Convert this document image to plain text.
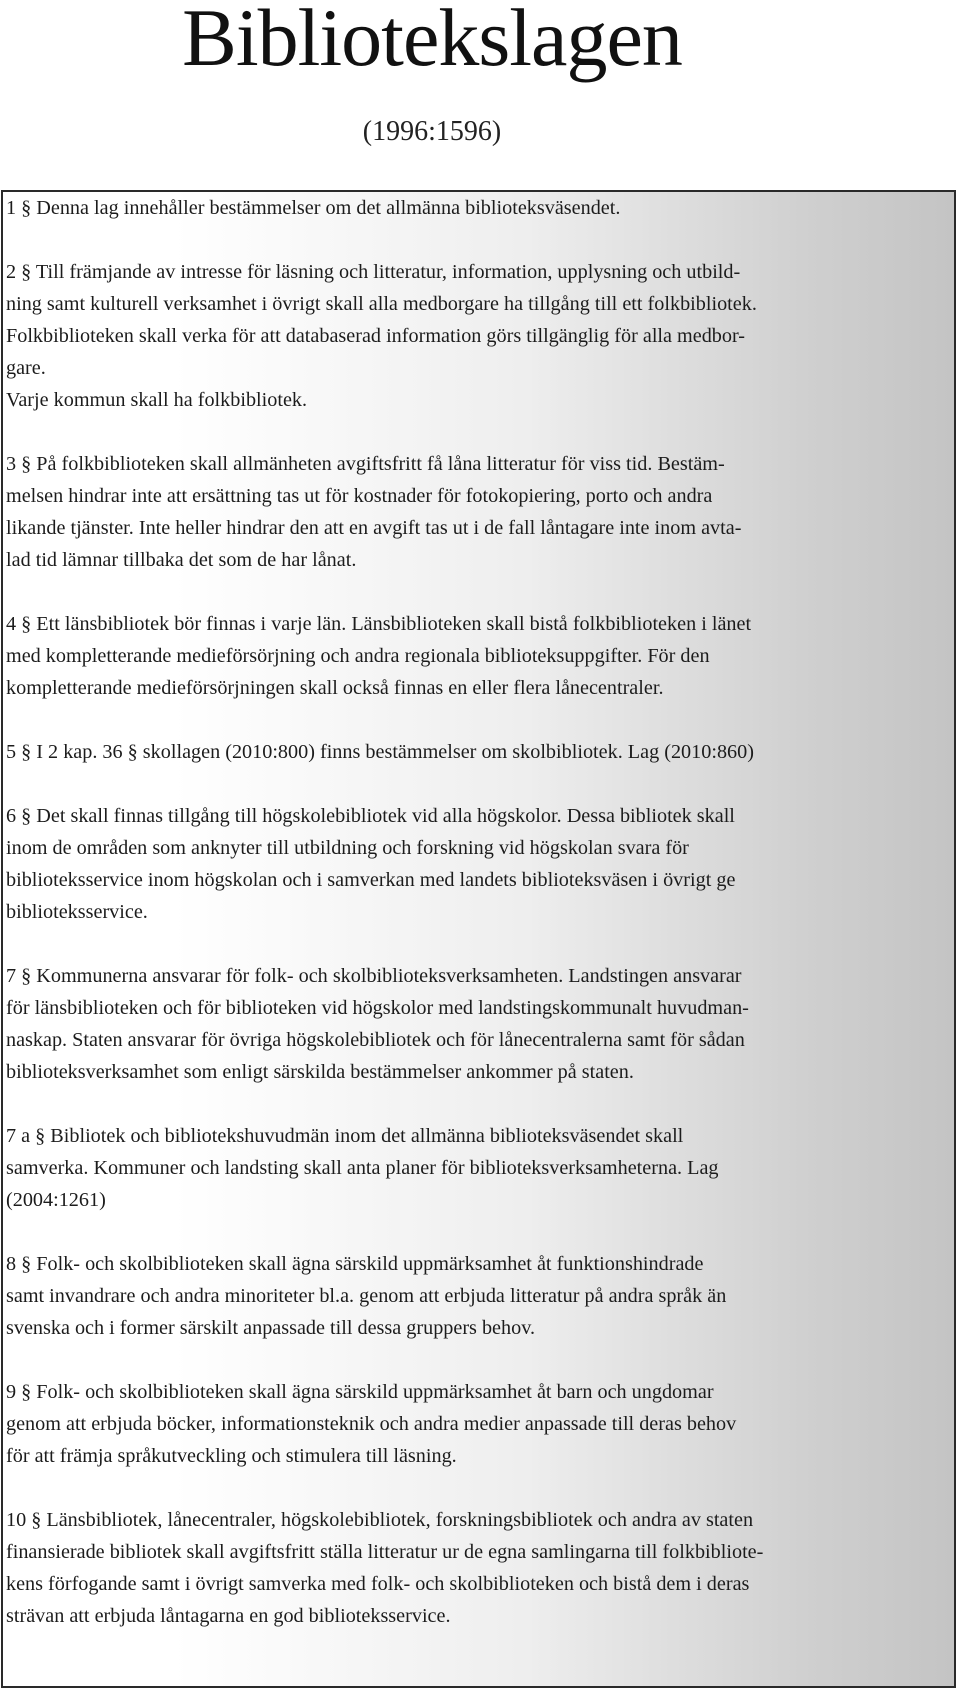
Bibliotekslagen
(1996:1596)

1 § Denna lag innehåller bestämmelser om det allmänna biblioteksväsendet.

2 § Till främjande av intresse för läsning och litteratur, information, upplysning och utbild-
ning samt kulturell verksamhet i övrigt skall alla medborgare ha tillgång till ett folkbibliotek.
Folkbiblioteken skall verka för att databaserad information görs tillgänglig för alla medbor-
gare.
Varje kommun skall ha folkbibliotek.

3 § På folkbiblioteken skall allmänheten avgiftsfritt få låna litteratur för viss tid. Bestäm-
melsen hindrar inte att ersättning tas ut för kostnader för fotokopiering, porto och andra
likande tjänster. Inte heller hindrar den att en avgift tas ut i de fall låntagare inte inom avta-
lad tid lämnar tillbaka det som de har lånat.

4 § Ett länsbibliotek bör finnas i varje län. Länsbiblioteken skall bistå folkbiblioteken i länet
med kompletterande medieförsörjning och andra regionala biblioteksuppgifter. För den
kompletterande medieförsörjningen skall också finnas en eller flera lånecentraler.

5 § I 2 kap. 36 § skollagen (2010:800) finns bestämmelser om skolbibliotek. Lag (2010:860)

6 § Det skall finnas tillgång till högskolebibliotek vid alla högskolor. Dessa bibliotek skall
inom de områden som anknyter till utbildning och forskning vid högskolan svara för
biblioteksservice inom högskolan och i samverkan med landets biblioteksväsen i övrigt ge
biblioteksservice.

7 § Kommunerna ansvarar för folk- och skolbiblioteksverksamheten. Landstingen ansvarar
för länsbiblioteken och för biblioteken vid högskolor med landstingskommunalt huvudman-
naskap. Staten ansvarar för övriga högskolebibliotek och för lånecentralerna samt för sådan
biblioteksverksamhet som enligt särskilda bestämmelser ankommer på staten.

7 a § Bibliotek och bibliotekshuvudmän inom det allmänna biblioteksväsendet skall
samverka. Kommuner och landsting skall anta planer för biblioteksverksamheterna. Lag
(2004:1261)

8 § Folk- och skolbiblioteken skall ägna särskild uppmärksamhet åt funktionshindrade
samt invandrare och andra minoriteter bl.a. genom att erbjuda litteratur på andra språk än
svenska och i former särskilt anpassade till dessa gruppers behov.

9 § Folk- och skolbiblioteken skall ägna särskild uppmärksamhet åt barn och ungdomar
genom att erbjuda böcker, informationsteknik och andra medier anpassade till deras behov
för att främja språkutveckling och stimulera till läsning.

10 § Länsbibliotek, lånecentraler, högskolebibliotek, forskningsbibliotek och andra av staten
finansierade bibliotek skall avgiftsfritt ställa litteratur ur de egna samlingarna till folkbibliote-
kens förfogande samt i övrigt samverka med folk- och skolbiblioteken och bistå dem i deras
strävan att erbjuda låntagarna en god biblioteksservice.
